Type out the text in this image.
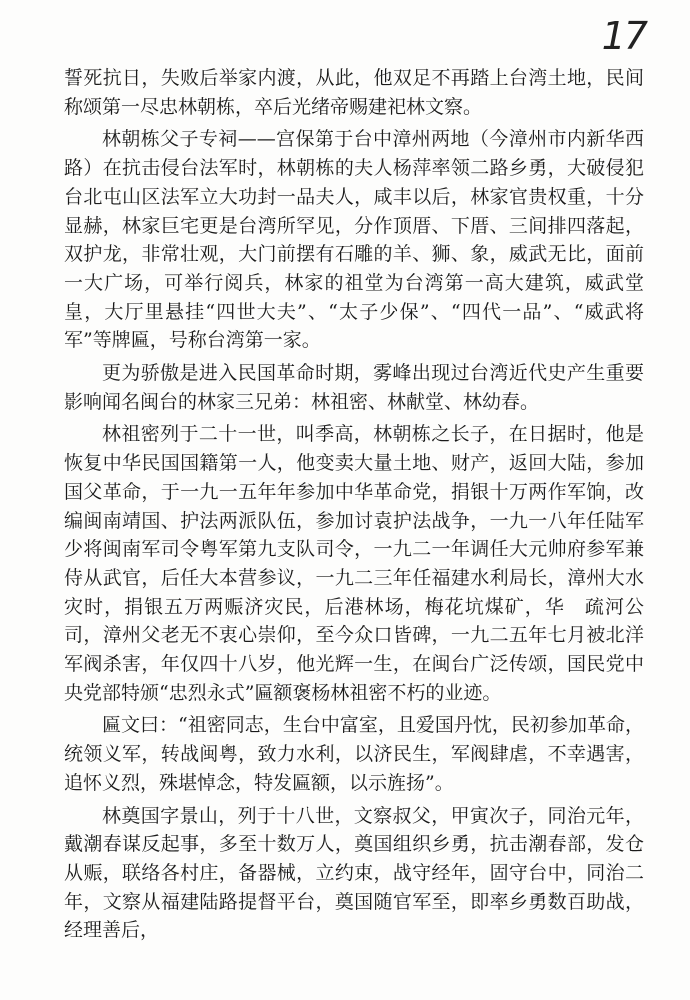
17

誓死抗日，失败后举家内渡，从此，他双足不再踏上台湾土地，民间称颂第一尽忠林朝栋，卒后光绪帝赐建祀林文察。

林朝栋父子专祠——宫保第于台中漳州两地（今漳州市内新华西路）在抗击侵台法军时，林朝栋的夫人杨萍率领二路乡勇，大破侵犯台北屯山区法军立大功封一品夫人，咸丰以后，林家官贵权重，十分显赫，林家巨宅更是台湾所罕见，分作顶厝、下厝、三间排四落起，双护龙，非常壮观，大门前摆有石雕的羊、狮、象，威武无比，面前一大广场，可举行阅兵，林家的祖堂为台湾第一高大建筑，威武堂皇，大厅里悬挂“四世大夫”、“太子少保”、“四代一品”、“威武将军”等牌匾，号称台湾第一家。

更为骄傲是进入民国革命时期，雾峰出现过台湾近代史产生重要影响闻名闽台的林家三兄弟：林祖密、林献堂、林幼春。

林祖密列于二十一世，叫季高，林朝栋之长子，在日据时，他是恢复中华民国国籍第一人，他变卖大量土地、财产，返回大陆，参加国父革命，于一九一五年年参加中华革命党，捐银十万两作军饷，改编闽南靖国、护法两派队伍，参加讨袁护法战争，一九一八年任陆军少将闽南军司令粤军第九支队司令，一九二一年调任大元帅府参军兼侍从武官，后任大本营参议，一九二三年任福建水利局长，漳州大水灾时，捐银五万两赈济灾民，后港林场，梅花坑煤矿，华　疏河公司，漳州父老无不衷心崇仰，至今众口皆碑，一九二五年七月被北洋军阀杀害，年仅四十八岁，他光辉一生，在闽台广泛传颂，国民党中央党部特颁“忠烈永式”匾额褒杨林祖密不朽的业迹。

匾文曰：“祖密同志，生台中富室，且爱国丹忱，民初参加革命，统领义军，转战闽粤，致力水利，以济民生，军阀肆虐，不幸遇害，追怀义烈，殊堪悼念，特发匾额，以示旌扬”。

林奠国字景山，列于十八世，文察叔父，甲寅次子，同治元年，戴潮春谋反起事，多至十数万人，奠国组织乡勇，抗击潮春部，发仓从赈，联络各村庄，备器械，立约束，战守经年，固守台中，同治二年，文察从福建陆路提督平台，奠国随官军至，即率乡勇数百助战，经理善后，
